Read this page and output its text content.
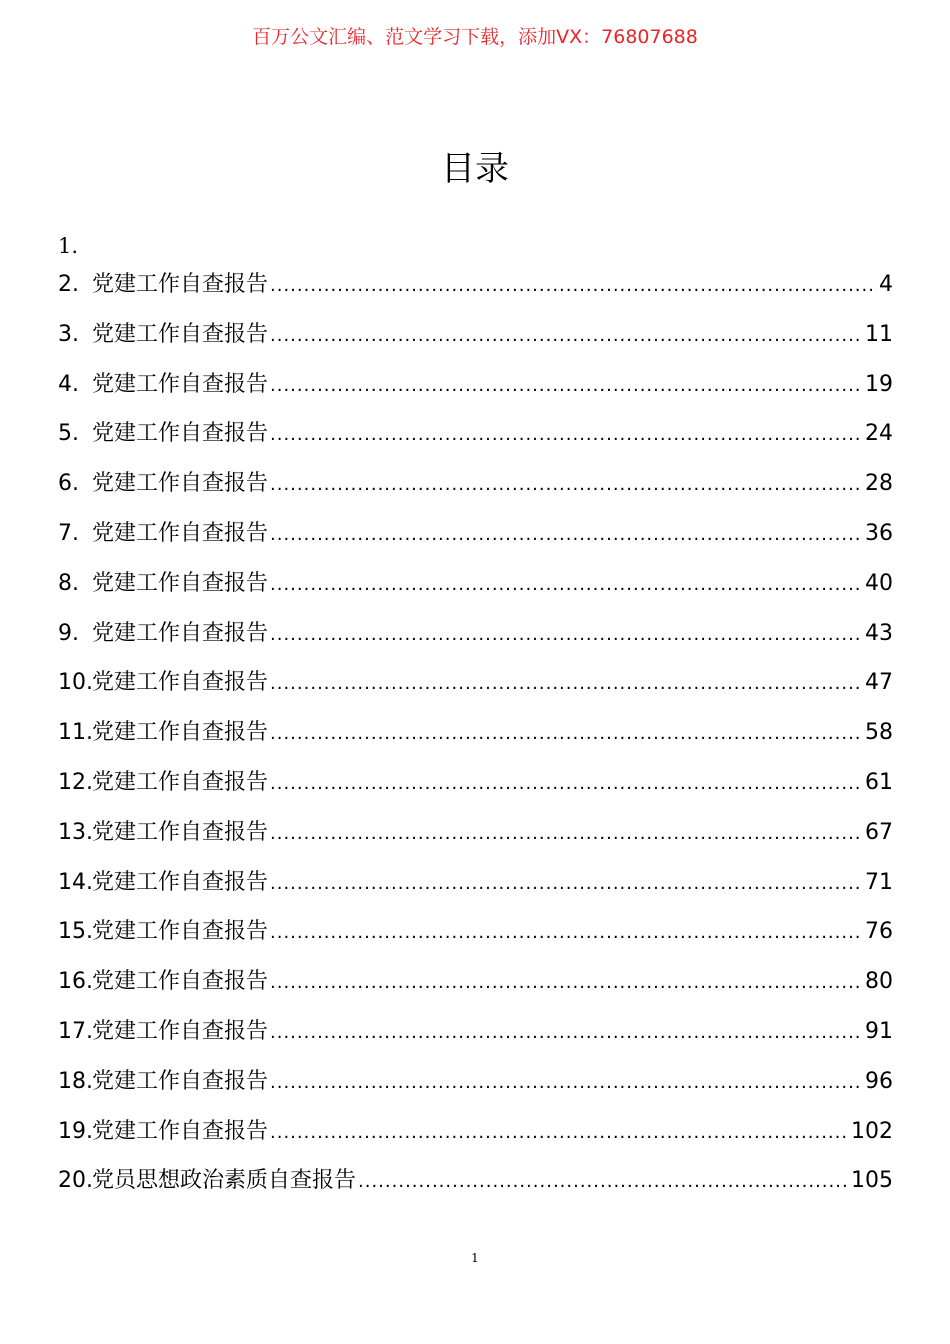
百万公文汇编、范文学习下载，添加VX：76807688
目录
1.
2. 党建工作自查报告 .....	4
3. 党建工作自查报告 .....	11
4. 党建工作自查报告 .....	19
5. 党建工作自查报告 .....	24
6. 党建工作自查报告 .....	28
7. 党建工作自查报告 .....	36
8. 党建工作自查报告 .....	40
9. 党建工作自查报告 .....	43
10. 党建工作自查报告 .....	47
11. 党建工作自查报告 .....	58
12. 党建工作自查报告 .....	61
13. 党建工作自查报告 .....	67
14. 党建工作自查报告 .....	71
15. 党建工作自查报告 .....	76
16. 党建工作自查报告 .....	80
17. 党建工作自查报告 .....	91
18. 党建工作自查报告 .....	96
19. 党建工作自查报告 .....	102
20. 党员思想政治素质自查报告 .....	105
1
